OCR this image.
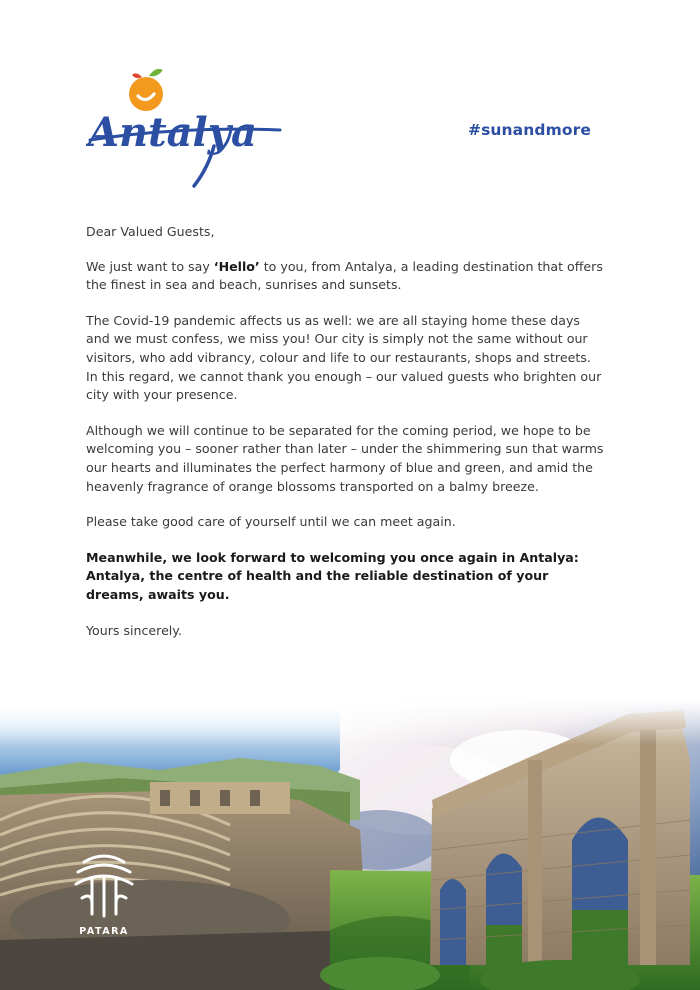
Antalya	#sunandmore

Dear Valued Guests,

We just want to say ‘Hello’ to you, from Antalya, a leading destination that offers the finest in sea and beach, sunrises and sunsets.

The Covid-19 pandemic affects us as well: we are all staying home these days and we must confess, we miss you! Our city is simply not the same without our visitors, who add vibrancy, colour and life to our restaurants, shops and streets. In this regard, we cannot thank you enough – our valued guests who brighten our city with your presence.

Although we will continue to be separated for the coming period, we hope to be welcoming you – sooner rather than later – under the shimmering sun that warms our hearts and illuminates the perfect harmony of blue and green, and amid the heavenly fragrance of orange blossoms transported on a balmy breeze.

Please take good care of yourself until we can meet again.

Meanwhile, we look forward to welcoming you once again in Antalya: Antalya, the centre of health and the reliable destination of your dreams, awaits you.

Yours sincerely.

PATARA
